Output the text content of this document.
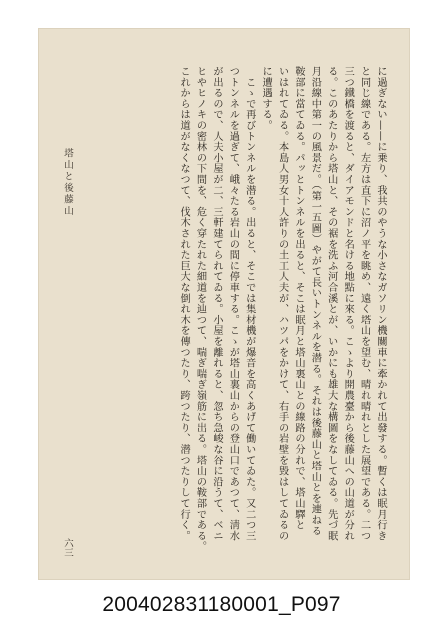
に過ぎない——に乗り、我共のやうな小さなガソリン機關車に牽かれて出發する。暫くは眠月行き

と同じ線である。左方は直下に沼ノ平を眺め、遠く塔山を望む、晴れ晴れとした展望である。二つ

三つ鐵橋を渡ると、ダイアモンドと名ける地點に來る。こゝより開農臺から後藤山への山道が分れ

る。このあたりから塔山と、その裾を洗ふ河合溪とが、いかにも雄大な構圖をなしてゐる。先づ眠

月沿線中第一の風景だ。（第一五圖）やがて長いトンネルを潜る。それは後藤山と塔山とを連ねる

鞍部に當てゐる。パッとトンネルを出ると、そこは眠月と塔山裏山との線路の分れで、塔山驛と

いはれてゐる。本島人男女十人許りの土工人夫が、ハツパをかけて、右手の岩壁を毀はしてゐるの

に遭遇する。

　こゝで再びトンネルを潜る。出ると、そこでは集材機が爆音を高くあげて働いてゐた。又二つ三

つトンネルを過ぎて、峨々たる岩山の間に停車する。こゝが塔山裏山からの登山口であつて、淸水

が出るので、人夫小屋が二、三軒建てられてゐる。小屋を離れると、忽ち急峻な谷に沿うて、ベニ

ヒやヒノキの密林の下間を、危く穿たれた細道を辿つて、喘ぎ喘ぎ嶺筋に出る。塔山の鞍部である。

これからは道がなくなつて、伐木された巨大な倒れ木を傳つたり、跨つたり、潜つたりして行く。

塔山と後藤山
六三
200402831180001_P097
